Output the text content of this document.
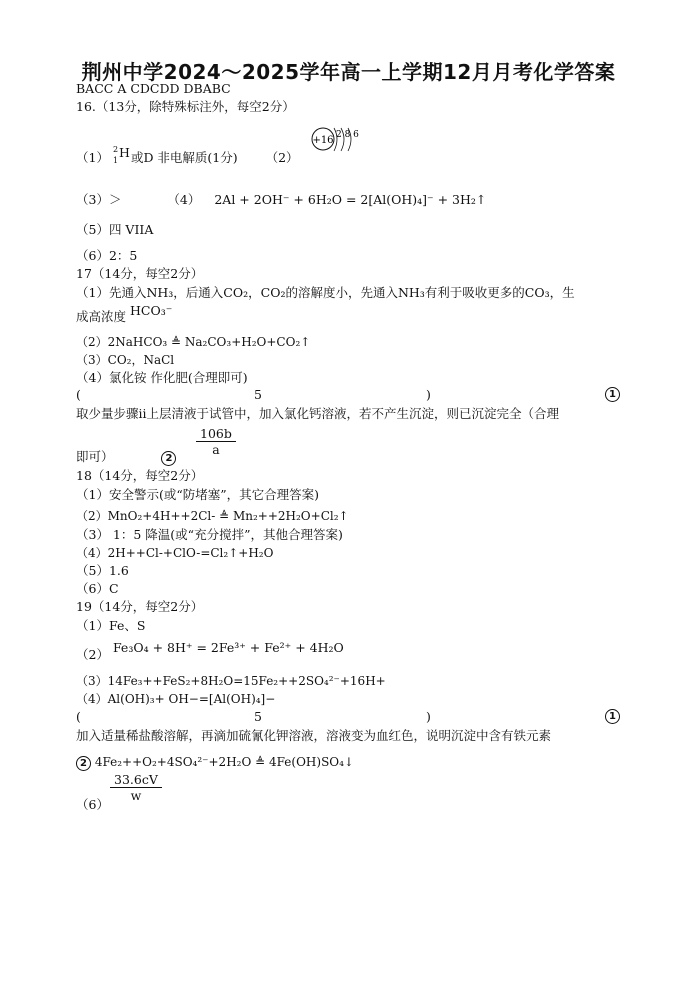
荆州中学2024～2025学年高一上学期12月月考化学答案
BACC A CDCDD DBABC
16.（13分，除特殊标注外，每空2分）
+16 2 8 6
（1）
2
1
H 或D 非电解质(1分) （2）
（3）＞	（4） 2Al + 2OH⁻ + 6H₂O = 2[Al(OH)₄]⁻ + 3H₂↑
（5）四 VIIA
（6）2：5
17（14分，每空2分）
（1）先通入NH₃，后通入CO₂，CO₂的溶解度小，先通入NH₃有利于吸收更多的CO₃，生
成高浓度 HCO₃⁻
（2）2NaHCO₃ ≜ Na₂CO₃+H₂O+CO₂↑
（3）CO₂，NaCl
（4）氯化铵 作化肥(合理即可)
(	5	)	1
取少量步骤ⅱ上层清液于试管中，加入氯化钙溶液，若不产生沉淀，则已沉淀完全（合理
即可）	2
$\frac{106b}{a}$
18（14分，每空2分）
（1）安全警示(或“防堵塞”，其它合理答案)
（2）MnO₂+4H++2Cl- ≜ Mn₂++2H₂O+Cl₂↑
（3） 1：5 降温(或“充分搅拌”，其他合理答案)
（4）2H++Cl-+ClO-=Cl₂↑+H₂O
（5）1.6
（6）C
19（14分，每空2分）
（1）Fe、S
（2） Fe₃O₄ + 8H⁺ = 2Fe³⁺ + Fe²⁺ + 4H₂O
（3）14Fe₃++FeS₂+8H₂O=15Fe₂++2SO₄²⁻+16H+
（4）Al(OH)₃+ OH−=[Al(OH)₄]−
(	5	)	1
加入适量稀盐酸溶解，再滴加硫氰化钾溶液，溶液变为血红色，说明沉淀中含有铁元素
2 4Fe₂++O₂+4SO₄²⁻+2H₂O ≜ 4Fe(OH)SO₄↓
（6）
$\frac{33.6cV}{w}$
